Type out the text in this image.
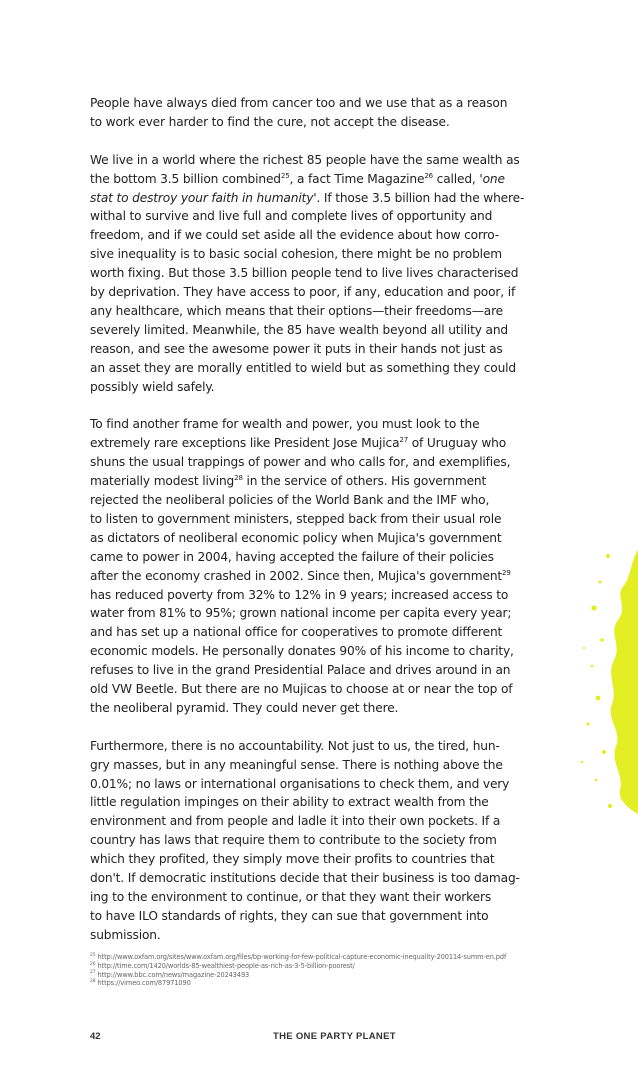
People have always died from cancer too and we use that as a reason
to work ever harder to find the cure, not accept the disease.

We live in a world where the richest 85 people have the same wealth as
the bottom 3.5 billion combined$^{25}$, a fact Time Magazine$^{26}$ called, 'one
stat to destroy your faith in humanity'. If those 3.5 billion had the where-
withal to survive and live full and complete lives of opportunity and
freedom, and if we could set aside all the evidence about how corro-
sive inequality is to basic social cohesion, there might be no problem
worth fixing. But those 3.5 billion people tend to live lives characterised
by deprivation. They have access to poor, if any, education and poor, if
any healthcare, which means that their options—their freedoms—are
severely limited. Meanwhile, the 85 have wealth beyond all utility and
reason, and see the awesome power it puts in their hands not just as
an asset they are morally entitled to wield but as something they could
possibly wield safely.

To find another frame for wealth and power, you must look to the
extremely rare exceptions like President Jose Mujica$^{27}$ of Uruguay who
shuns the usual trappings of power and who calls for, and exemplifies,
materially modest living$^{28}$ in the service of others. His government
rejected the neoliberal policies of the World Bank and the IMF who,
to listen to government ministers, stepped back from their usual role
as dictators of neoliberal economic policy when Mujica's government
came to power in 2004, having accepted the failure of their policies
after the economy crashed in 2002. Since then, Mujica's government$^{29}$
has reduced poverty from 32% to 12% in 9 years; increased access to
water from 81% to 95%; grown national income per capita every year;
and has set up a national office for cooperatives to promote different
economic models. He personally donates 90% of his income to charity,
refuses to live in the grand Presidential Palace and drives around in an
old VW Beetle. But there are no Mujicas to choose at or near the top of
the neoliberal pyramid. They could never get there.

Furthermore, there is no accountability. Not just to us, the tired, hun-
gry masses, but in any meaningful sense. There is nothing above the
0.01%; no laws or international organisations to check them, and very
little regulation impinges on their ability to extract wealth from the
environment and from people and ladle it into their own pockets. If a
country has laws that require them to contribute to the society from
which they profited, they simply move their profits to countries that
don't. If democratic institutions decide that their business is too damag-
ing to the environment to continue, or that they want their workers
to have ILO standards of rights, they can sue that government into
submission.

$^{25}$ http://www.oxfam.org/sites/www.oxfam.org/files/bp-working-for-few-political-capture-economic-inequality-200114-summ-en.pdf
$^{26}$ http://time.com/1420/worlds-85-wealthiest-people-as-rich-as-3-5-billion-poorest/
$^{27}$ http://www.bbc.com/news/magazine-20243493
$^{28}$ https://vimeo.com/87971090
42	THE ONE PARTY PLANET
